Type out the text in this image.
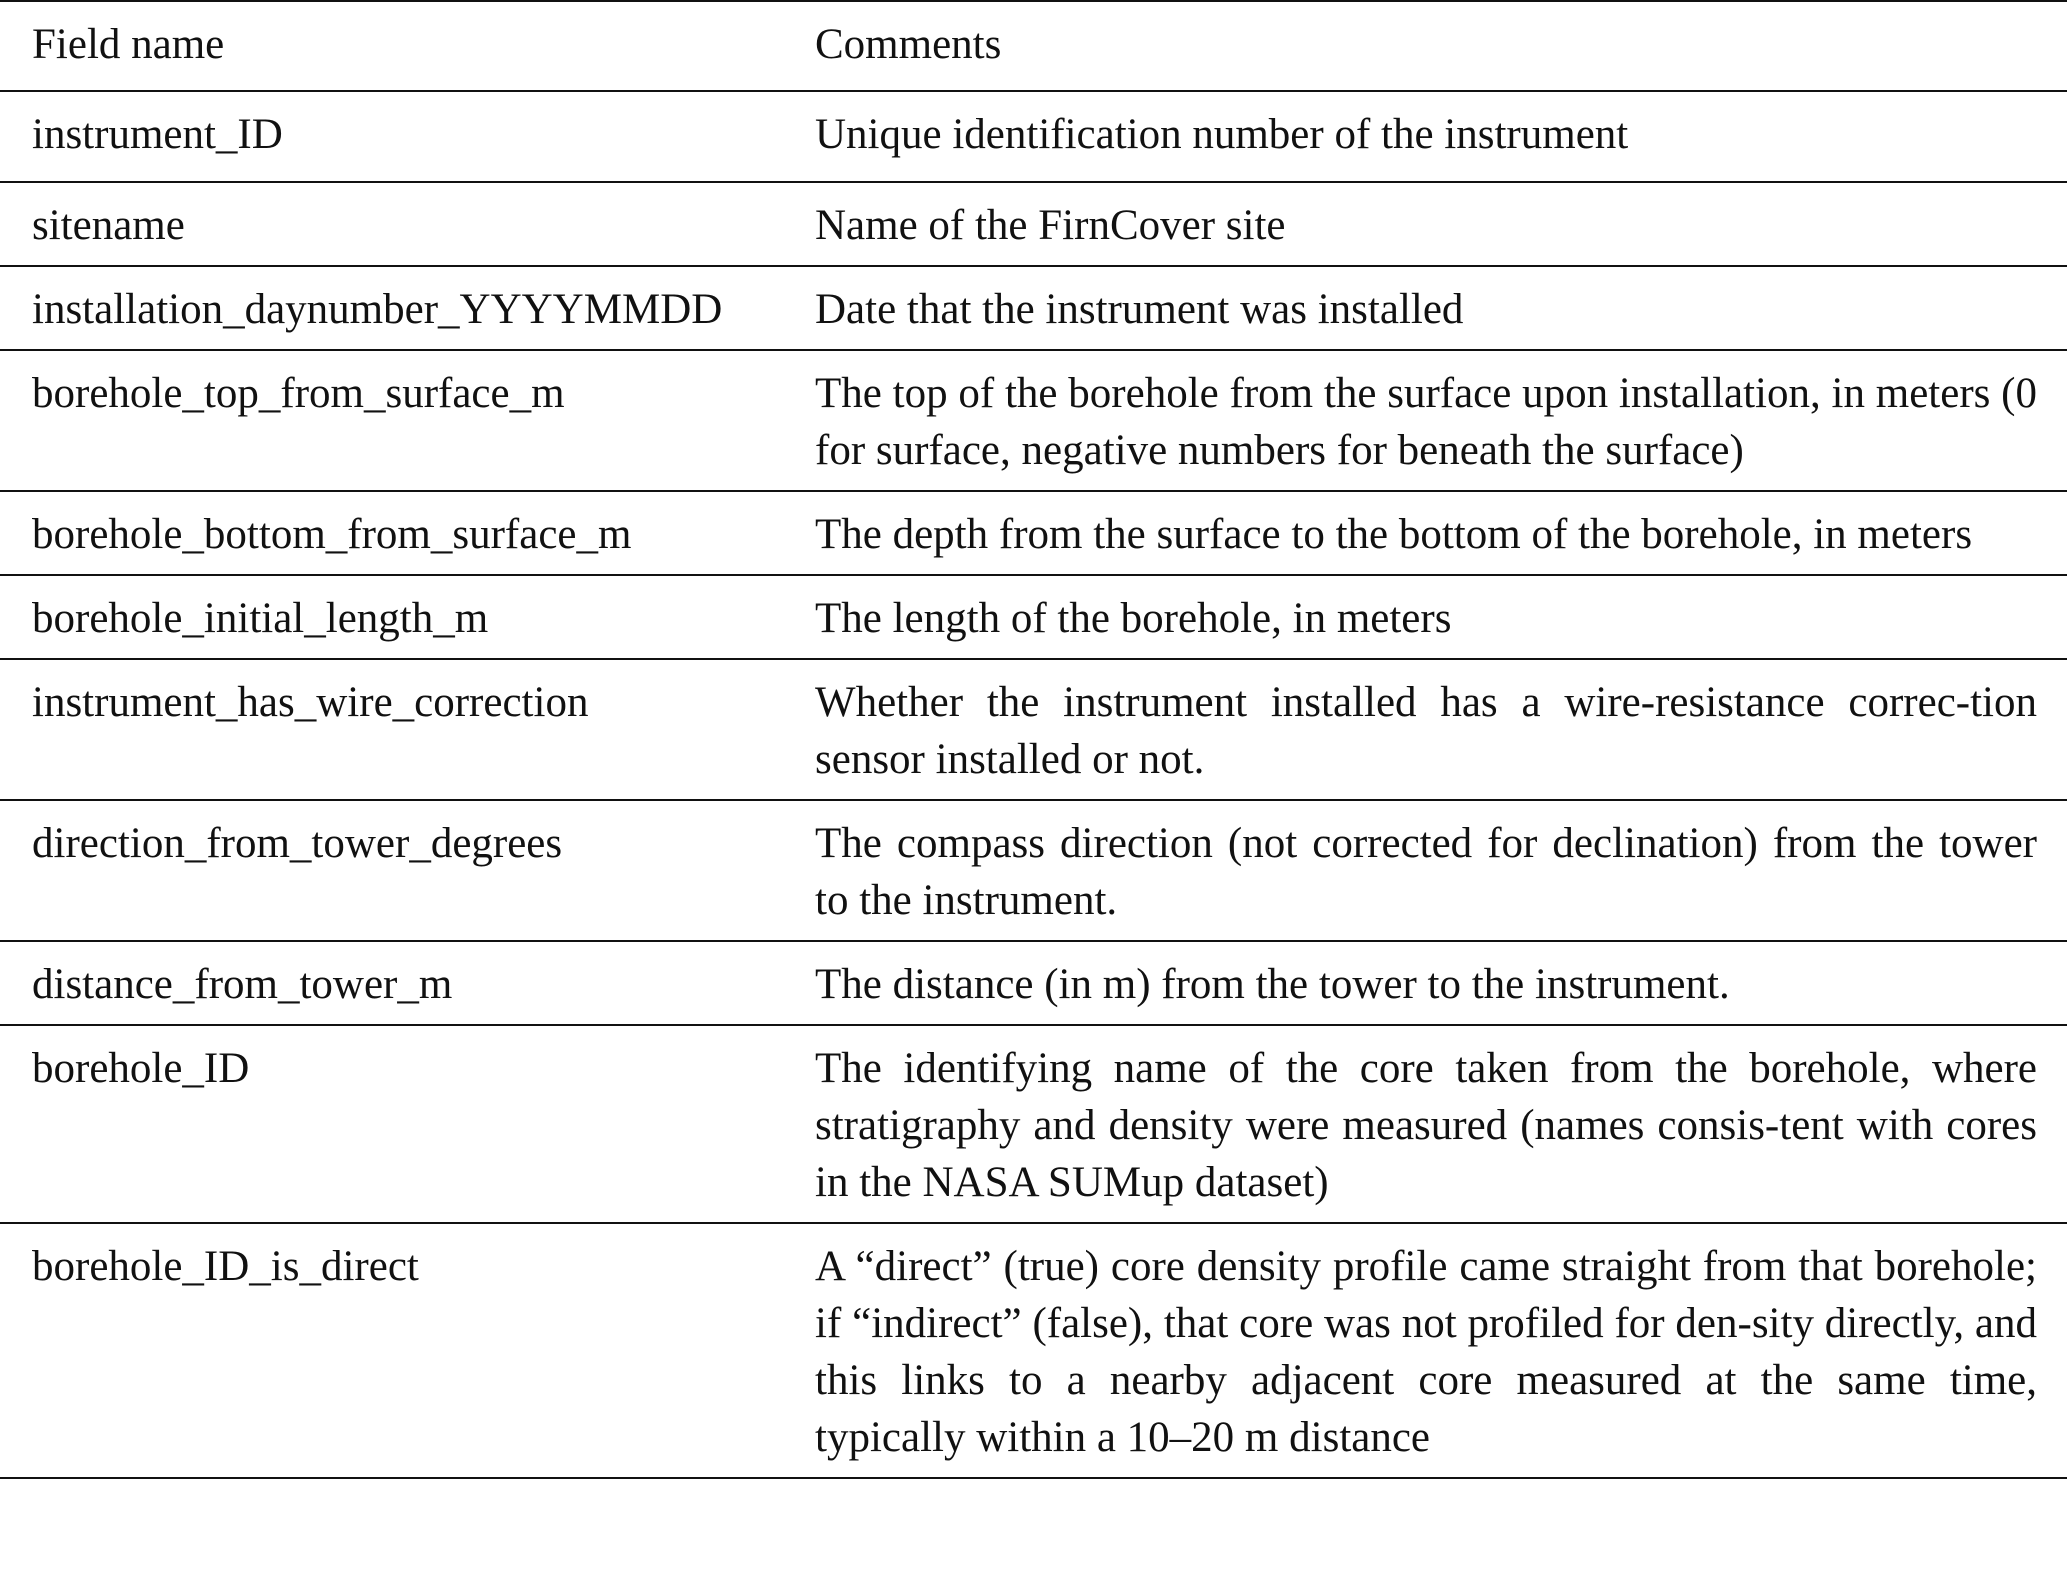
Field name	Comments
instrument_ID	Unique identification number of the instrument
sitename	Name of the FirnCover site
installation_daynumber_YYYYMMDD	Date that the instrument was installed
borehole_top_from_surface_m	The top of the borehole from the surface upon installation, in meters (0 for surface, negative numbers for beneath the surface)
borehole_bottom_from_surface_m	The depth from the surface to the bottom of the borehole, in meters
borehole_initial_length_m	The length of the borehole, in meters
instrument_has_wire_correction	Whether the instrument installed has a wire-resistance correc-tion sensor installed or not.
direction_from_tower_degrees	The compass direction (not corrected for declination) from the tower to the instrument.
distance_from_tower_m	The distance (in m) from the tower to the instrument.
borehole_ID	The identifying name of the core taken from the borehole, where stratigraphy and density were measured (names consis-tent with cores in the NASA SUMup dataset)
borehole_ID_is_direct	A “direct” (true) core density profile came straight from that borehole; if “indirect” (false), that core was not profiled for den-sity directly, and this links to a nearby adjacent core measured at the same time, typically within a 10–20 m distance
